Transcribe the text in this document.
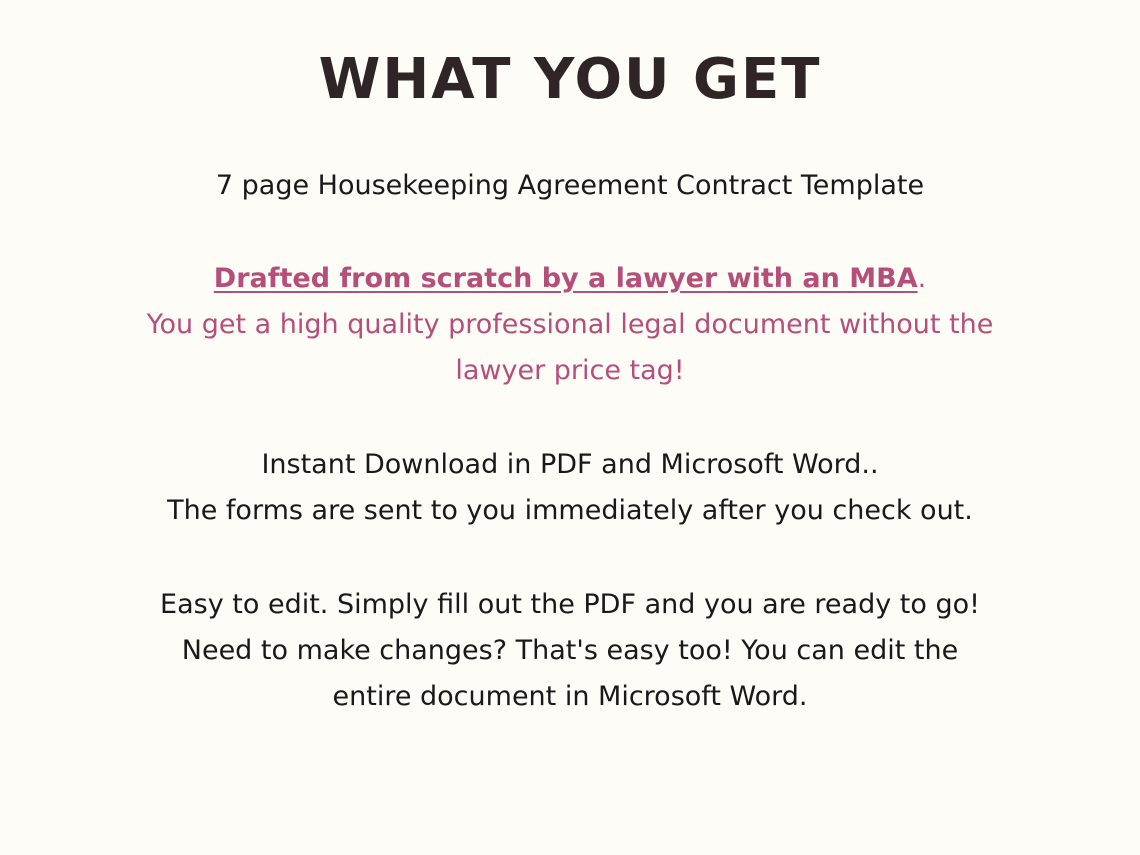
WHAT YOU GET

7 page Housekeeping Agreement Contract Template

Drafted from scratch by a lawyer with an MBA.
You get a high quality professional legal document without the
lawyer price tag!

Instant Download in PDF and Microsoft Word..
The forms are sent to you immediately after you check out.

Easy to edit. Simply fill out the PDF and you are ready to go!
Need to make changes? That's easy too! You can edit the
entire document in Microsoft Word.
